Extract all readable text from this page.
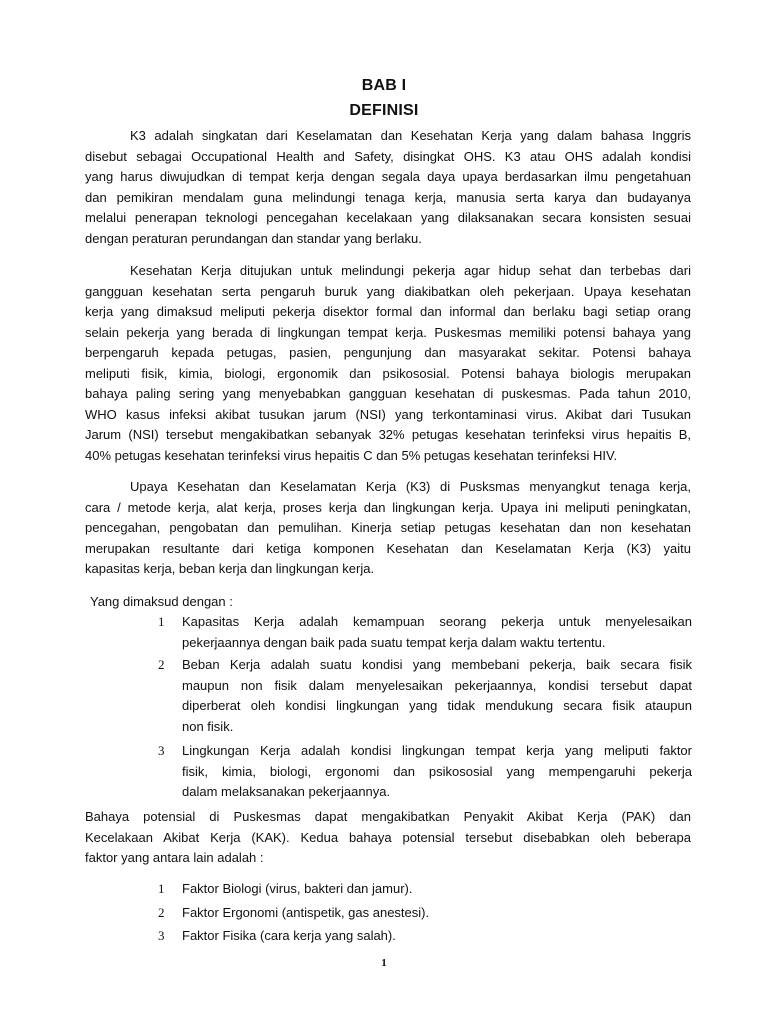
BAB I
DEFINISI
K3 adalah singkatan dari Keselamatan dan Kesehatan Kerja yang dalam bahasa Inggris
disebut sebagai Occupational Health and Safety, disingkat OHS. K3 atau OHS adalah kondisi
yang harus diwujudkan di tempat kerja dengan segala daya upaya berdasarkan ilmu pengetahuan
dan pemikiran mendalam guna melindungi tenaga kerja, manusia serta karya dan budayanya
melalui penerapan teknologi pencegahan kecelakaan yang dilaksanakan secara konsisten sesuai
dengan peraturan perundangan dan standar yang berlaku.
Kesehatan Kerja ditujukan untuk melindungi pekerja agar hidup sehat dan terbebas dari
gangguan kesehatan serta pengaruh buruk yang diakibatkan oleh pekerjaan. Upaya kesehatan
kerja yang dimaksud meliputi pekerja disektor formal dan informal dan berlaku bagi setiap orang
selain pekerja yang berada di lingkungan tempat kerja. Puskesmas memiliki potensi bahaya yang
berpengaruh kepada petugas, pasien, pengunjung dan masyarakat sekitar. Potensi bahaya
meliputi fisik, kimia, biologi, ergonomik dan psikososial. Potensi bahaya biologis merupakan
bahaya paling sering yang menyebabkan gangguan kesehatan di puskesmas. Pada tahun 2010,
WHO kasus infeksi akibat tusukan jarum (NSI) yang terkontaminasi virus. Akibat dari Tusukan
Jarum (NSI) tersebut mengakibatkan sebanyak 32% petugas kesehatan terinfeksi virus hepaitis B,
40% petugas kesehatan terinfeksi virus hepaitis C dan 5% petugas kesehatan terinfeksi HIV.
Upaya Kesehatan dan Keselamatan Kerja (K3) di Pusksmas menyangkut tenaga kerja,
cara / metode kerja, alat kerja, proses kerja dan lingkungan kerja. Upaya ini meliputi peningkatan,
pencegahan, pengobatan dan pemulihan. Kinerja setiap petugas kesehatan dan non kesehatan
merupakan resultante dari ketiga komponen Kesehatan dan Keselamatan Kerja (K3) yaitu
kapasitas kerja, beban kerja dan lingkungan kerja.
Yang dimaksud dengan :
1 Kapasitas Kerja adalah kemampuan seorang pekerja untuk menyelesaikan
pekerjaannya dengan baik pada suatu tempat kerja dalam waktu tertentu.
2 Beban Kerja adalah suatu kondisi yang membebani pekerja, baik secara fisik
maupun non fisik dalam menyelesaikan pekerjaannya, kondisi tersebut dapat
diperberat oleh kondisi lingkungan yang tidak mendukung secara fisik ataupun
non fisik.
3 Lingkungan Kerja adalah kondisi lingkungan tempat kerja yang meliputi faktor
fisik, kimia, biologi, ergonomi dan psikososial yang mempengaruhi pekerja
dalam melaksanakan pekerjaannya.
Bahaya potensial di Puskesmas dapat mengakibatkan Penyakit Akibat Kerja (PAK) dan
Kecelakaan Akibat Kerja (KAK). Kedua bahaya potensial tersebut disebabkan oleh beberapa
faktor yang antara lain adalah :
1 Faktor Biologi (virus, bakteri dan jamur).
2 Faktor Ergonomi (antispetik, gas anestesi).
3 Faktor Fisika (cara kerja yang salah).
1
